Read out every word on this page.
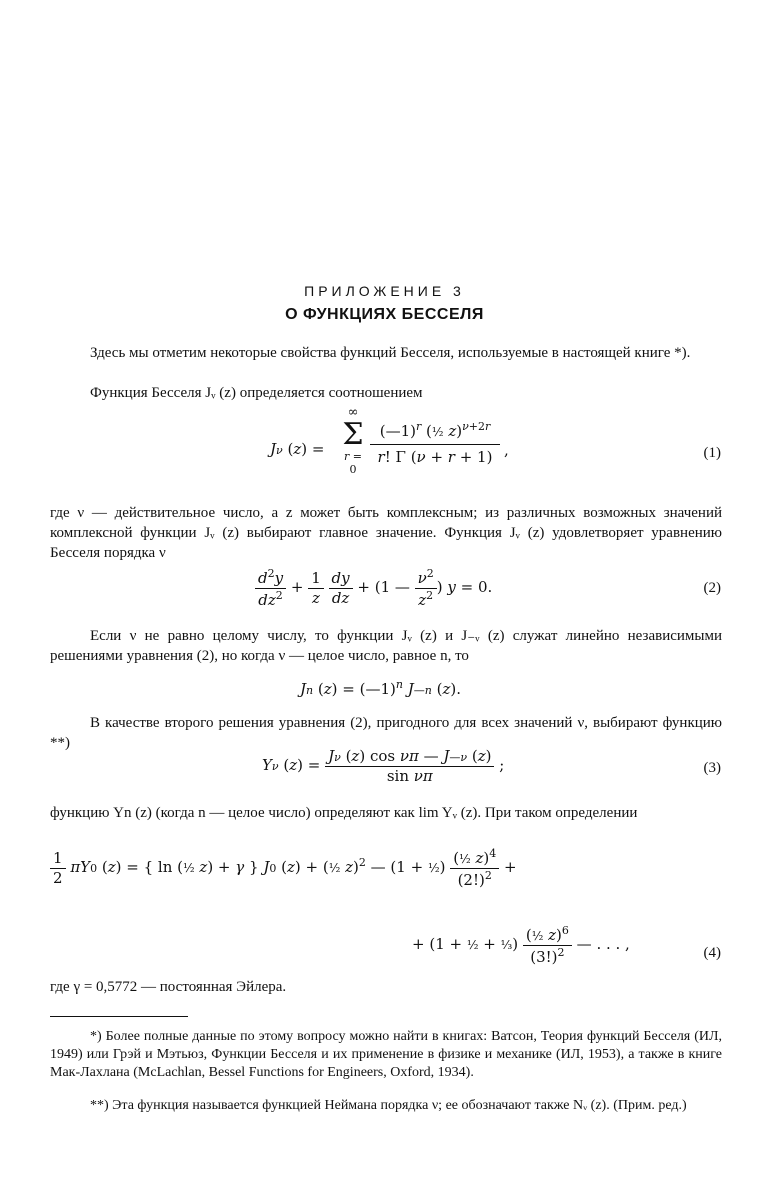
ПРИЛОЖЕНИЕ 3
О ФУНКЦИЯХ БЕССЕЛЯ
Здесь мы отметим некоторые свойства функций Бесселя, используемые в настоящей книге *).
Функция Бесселя Jᵥ (z) определяется соотношением
Jν (z) =
∞
Σ
r = 0
(—1)$^r$ (½ z)$^{\nu+2r}$
r! Γ (ν + r + 1) ,	(1)
где ν — действительное число, а z может быть комплексным; из различных возможных значений комплексной функции Jᵥ (z) выбирают главное значение. Функция Jᵥ (z) удовлетворяет уравнению Бесселя порядка ν
$\frac{d^2y}{dz^2} + \frac{1}{z}$
$\frac{dy}{dz} + (1$ — $\frac{\nu^2}{z^2}$ ) y = 0.	(2)
Если ν не равно целому числу, то функции Jᵥ (z) и J₋ᵥ (z) служат линейно независимыми решениями уравнения (2), но когда ν — целое число, равное n, то
Jn (z) = (—1)$^n$ J—n (z).
В качестве второго решения уравнения (2), пригодного для всех значений ν, выбирают функцию **)
Yν $(z) = \frac{\text{Jν (z) cos νπ — J—ν (z)}}{\text{sin νπ}}$ ;	(3)
функцию Yn (z) (когда n — целое число) определяют как lim Yᵥ (z). При таком определении
$\frac{1}{2} \pi Y0$ (z) = { ln (½ z) + γ } J0 (z) + (½ z)$^2$ — (1 + ½) $\frac{(\frac{1}{2} z)^4}{(2!)^2}$ +
+ (1 + ½ + ⅓) $\frac{(\frac{1}{2} z)^6}{(3!)^2}$ — . . . ,	(4)
где γ = 0,5772 — постоянная Эйлера.
*) Более полные данные по этому вопросу можно найти в книгах: Ватсон, Теория функций Бесселя (ИЛ, 1949) или Грэй и Мэтьюз, Функции Бесселя и их применение в физике и механике (ИЛ, 1953), а также в книге Мак-Лахлана (McLachlan, Bessel Functions for Engineers, Oxford, 1934).
**) Эта функция называется функцией Неймана порядка ν; ее обозначают также Nᵥ (z). (Прим. ред.)
